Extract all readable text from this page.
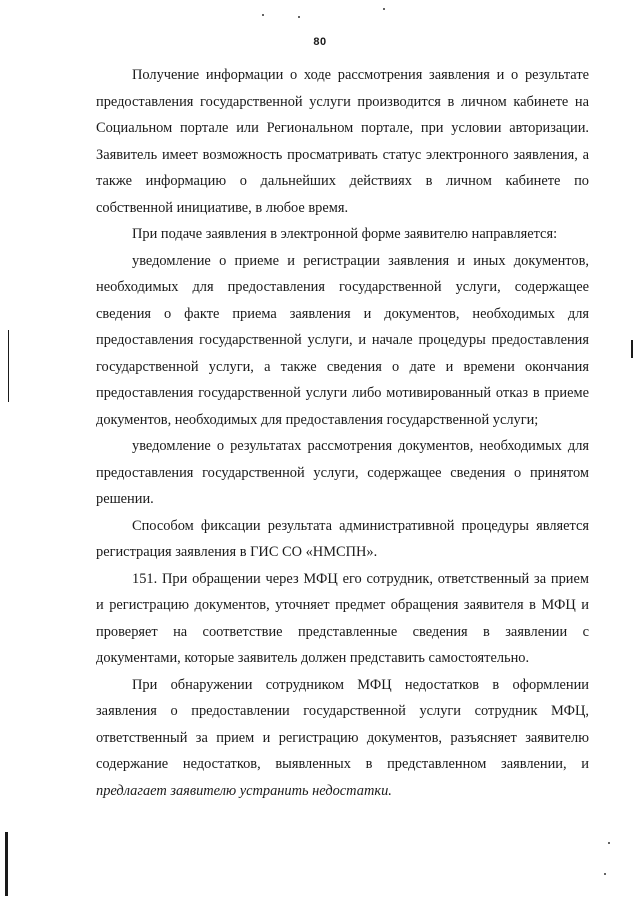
80

Получение информации о ходе рассмотрения заявления и о результате предоставления государственной услуги производится в личном кабинете на Социальном портале или Региональном портале, при условии авторизации. Заявитель имеет возможность просматривать статус электронного заявления, а также информацию о дальнейших действиях в личном кабинете по собственной инициативе, в любое время.

При подаче заявления в электронной форме заявителю направляется:

уведомление о приеме и регистрации заявления и иных документов, необходимых для предоставления государственной услуги, содержащее сведения о факте приема заявления и документов, необходимых для предоставления государственной услуги, и начале процедуры предоставления государственной услуги, а также сведения о дате и времени окончания предоставления государственной услуги либо мотивированный отказ в приеме документов, необходимых для предоставления государственной услуги;

уведомление о результатах рассмотрения документов, необходимых для предоставления государственной услуги, содержащее сведения о принятом решении.

Способом фиксации результата административной процедуры является регистрация заявления в ГИС СО «НМСПН».

151. При обращении через МФЦ его сотрудник, ответственный за прием и регистрацию документов, уточняет предмет обращения заявителя в МФЦ и проверяет на соответствие представленные сведения в заявлении с документами, которые заявитель должен представить самостоятельно.

При обнаружении сотрудником МФЦ недостатков в оформлении заявления о предоставлении государственной услуги сотрудник МФЦ, ответственный за прием и регистрацию документов, разъясняет заявителю содержание недостатков, выявленных в представленном заявлении, и предлагает заявителю устранить недостатки.
